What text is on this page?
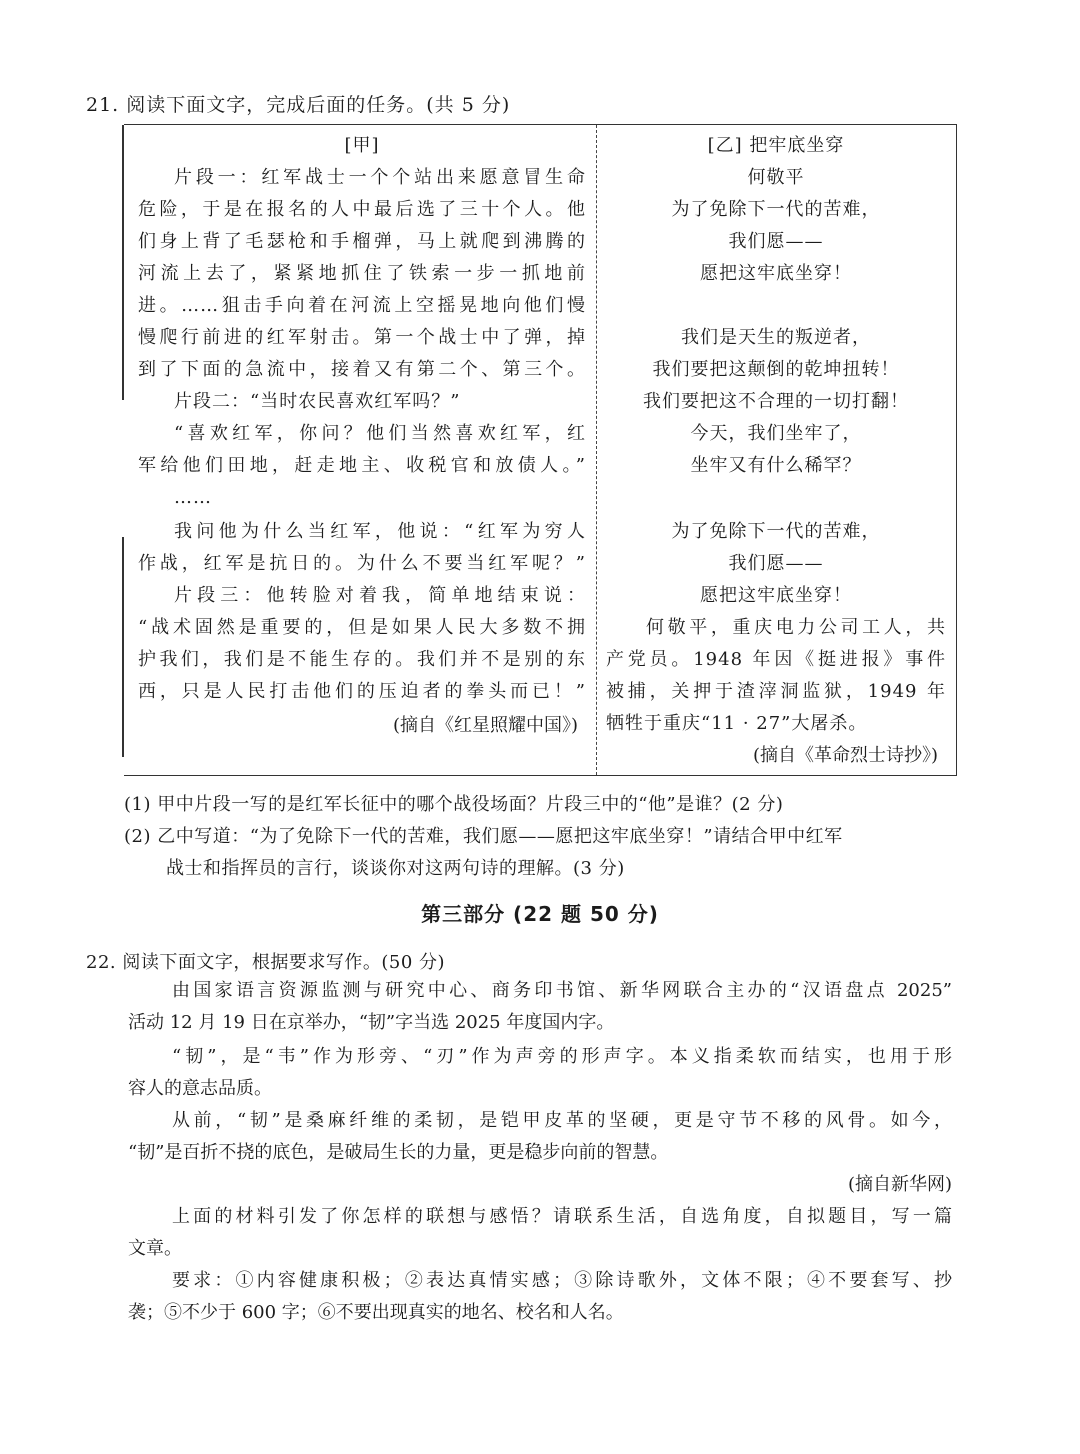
21. 阅读下面文字，完成后面的任务。(共 5 分)
[甲]
片段一：红军战士一个个站出来愿意冒生命
危险，于是在报名的人中最后选了三十个人。他
们身上背了毛瑟枪和手榴弹，马上就爬到沸腾的
河流上去了，紧紧地抓住了铁索一步一抓地前
进。……狙击手向着在河流上空摇晃地向他们慢
慢爬行前进的红军射击。第一个战士中了弹，掉
到了下面的急流中，接着又有第二个、第三个。
片段二：“当时农民喜欢红军吗？”
“喜欢红军，你问？他们当然喜欢红军，红
军给他们田地，赶走地主、收税官和放债人。”
……
我问他为什么当红军，他说：“红军为穷人
作战，红军是抗日的。为什么不要当红军呢？”
片段三：他转脸对着我，简单地结束说：
“战术固然是重要的，但是如果人民大多数不拥
护我们，我们是不能生存的。我们并不是别的东
西，只是人民打击他们的压迫者的拳头而已！”
(摘自《红星照耀中国》)
[乙] 把牢底坐穿
何敬平
为了免除下一代的苦难，
我们愿——
愿把这牢底坐穿！
我们是天生的叛逆者，
我们要把这颠倒的乾坤扭转！
我们要把这不合理的一切打翻！
今天，我们坐牢了，
坐牢又有什么稀罕？
为了免除下一代的苦难，
我们愿——
愿把这牢底坐穿！
何敬平，重庆电力公司工人，共
产党员。1948 年因《挺进报》事件
被捕，关押于渣滓洞监狱，1949 年
牺牲于重庆“11 · 27”大屠杀。
(摘自《革命烈士诗抄》)
(1) 甲中片段一写的是红军长征中的哪个战役场面？片段三中的“他”是谁？(2 分)
(2) 乙中写道：“为了免除下一代的苦难，我们愿——愿把这牢底坐穿！”请结合甲中红军
战士和指挥员的言行，谈谈你对这两句诗的理解。(3 分)
第三部分 (22 题 50 分)
22. 阅读下面文字，根据要求写作。(50 分)
由国家语言资源监测与研究中心、商务印书馆、新华网联合主办的“汉语盘点 2025”
活动 12 月 19 日在京举办，“韧”字当选 2025 年度国内字。
“韧”，是“韦”作为形旁、“刃”作为声旁的形声字。本义指柔软而结实，也用于形
容人的意志品质。
从前，“韧”是桑麻纤维的柔韧，是铠甲皮革的坚硬，更是守节不移的风骨。如今，
“韧”是百折不挠的底色，是破局生长的力量，更是稳步向前的智慧。
(摘自新华网)
上面的材料引发了你怎样的联想与感悟？请联系生活，自选角度，自拟题目，写一篇
文章。
要求：①内容健康积极；②表达真情实感；③除诗歌外，文体不限；④不要套写、抄
袭；⑤不少于 600 字；⑥不要出现真实的地名、校名和人名。
